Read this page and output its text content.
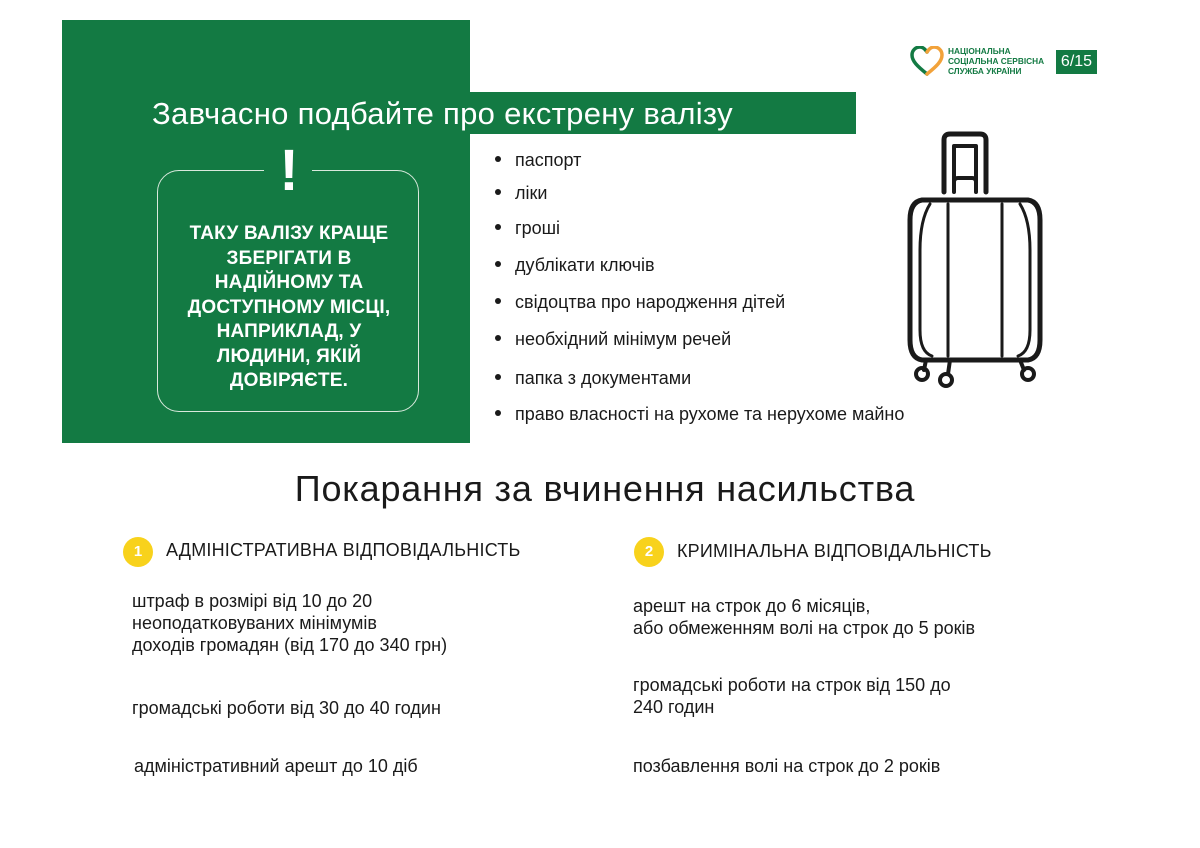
Завчасно подбайте про екстрену валізу
!
ТАКУ ВАЛІЗУ КРАЩЕ ЗБЕРІГАТИ В НАДІЙНОМУ ТА ДОСТУПНОМУ МІСЦІ, НАПРИКЛАД, У ЛЮДИНИ, ЯКІЙ ДОВІРЯЄТЕ.
НАЦІОНАЛЬНА
СОЦІАЛЬНА СЕРВІСНА
СЛУЖБА УКРАЇНИ
6/15
паспорт
ліки
гроші
дублікати ключів
свідоцтва про народження дітей
необхідний мінімум речей
папка з документами
право власності на рухоме та нерухоме майно
Покарання за вчинення насильства
1	АДМІНІСТРАТИВНА ВІДПОВІДАЛЬНІСТЬ
штраф в розмірі від 10 до 20
неоподатковуваних мінімумів
доходів громадян (від 170 до 340 грн)
громадські роботи від 30 до 40 годин
адміністративний арешт до 10 діб
2	КРИМІНАЛЬНА ВІДПОВІДАЛЬНІСТЬ
арешт на строк до 6 місяців,
або обмеженням волі на строк до 5 років
громадські роботи на строк від 150 до
240 годин
позбавлення волі на строк до 2 років
